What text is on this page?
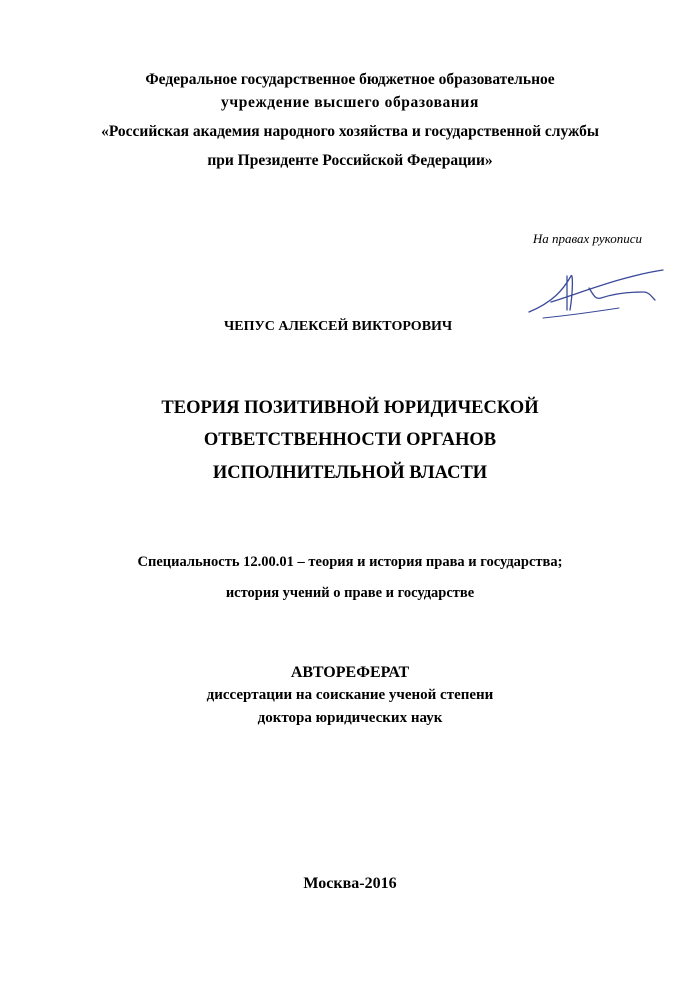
Федеральное государственное бюджетное образовательное
учреждение высшего образования
«Российская академия народного хозяйства и государственной службы
при Президенте Российской Федерации»
На правах рукописи
ЧЕПУС АЛЕКСЕЙ ВИКТОРОВИЧ
ТЕОРИЯ ПОЗИТИВНОЙ ЮРИДИЧЕСКОЙ
ОТВЕТСТВЕННОСТИ ОРГАНОВ
ИСПОЛНИТЕЛЬНОЙ ВЛАСТИ
Специальность 12.00.01 – теория и история права и государства;
история учений о праве и государстве
АВТОРЕФЕРАТ
диссертации на соискание ученой степени
доктора юридических наук
Москва-2016
